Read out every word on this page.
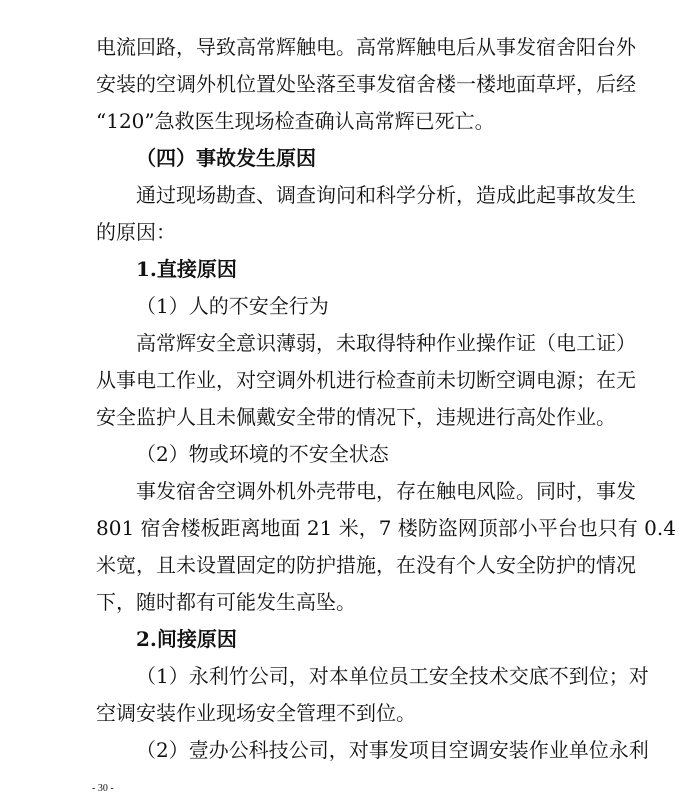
电流回路，导致高常辉触电。高常辉触电后从事发宿舍阳台外
安装的空调外机位置处坠落至事发宿舍楼一楼地面草坪，后经
“120”急救医生现场检查确认高常辉已死亡。
（四）事故发生原因
通过现场勘查、调查询问和科学分析，造成此起事故发生
的原因：
1.直接原因
（1）人的不安全行为
高常辉安全意识薄弱，未取得特种作业操作证（电工证）
从事电工作业，对空调外机进行检查前未切断空调电源；在无
安全监护人且未佩戴安全带的情况下，违规进行高处作业。
（2）物或环境的不安全状态
事发宿舍空调外机外壳带电，存在触电风险。同时，事发
801 宿舍楼板距离地面 21 米，7 楼防盗网顶部小平台也只有 0.4
米宽，且未设置固定的防护措施，在没有个人安全防护的情况
下，随时都有可能发生高坠。
2.间接原因
（1）永利竹公司，对本单位员工安全技术交底不到位；对
空调安装作业现场安全管理不到位。
（2）壹办公科技公司，对事发项目空调安装作业单位永利
- 30 -
